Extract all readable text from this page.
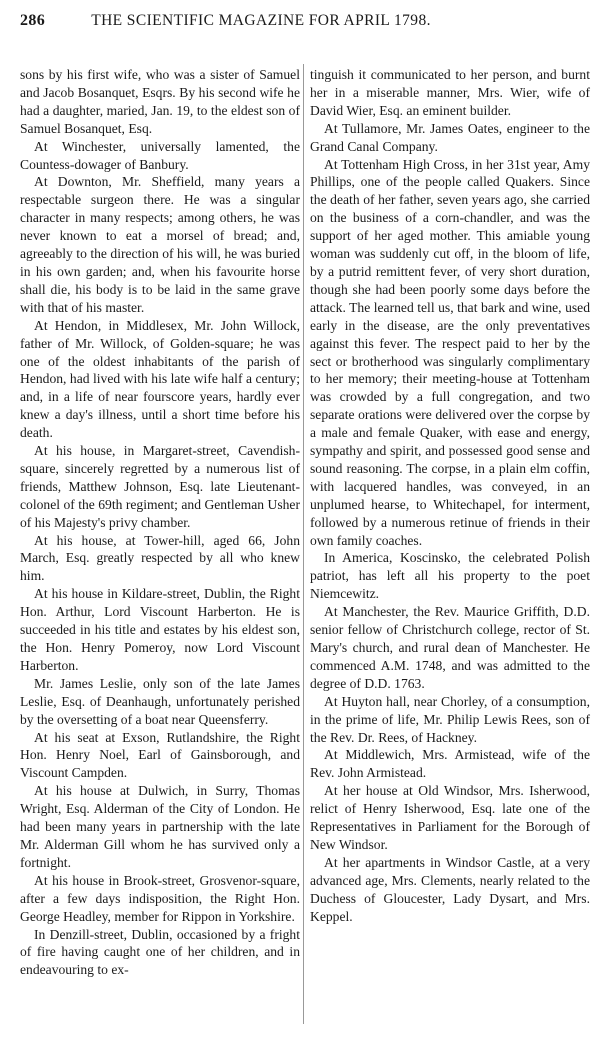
286	THE SCIENTIFIC MAGAZINE FOR APRIL 1798.

sons by his first wife, who was a sister of Samuel and Jacob Bosanquet, Esqrs. By his second wife he had a daughter, maried, Jan. 19, to the eldest son of Samuel Bosanquet, Esq.

At Winchester, universally lamented, the Countess-dowager of Banbury.

At Downton, Mr. Sheffield, many years a respectable surgeon there. He was a singular character in many respects; among others, he was never known to eat a morsel of bread; and, agreeably to the direction of his will, he was buried in his own garden; and, when his favourite horse shall die, his body is to be laid in the same grave with that of his master.

At Hendon, in Middlesex, Mr. John Willock, father of Mr. Willock, of Golden-square; he was one of the oldest inhabitants of the parish of Hendon, had lived with his late wife half a century; and, in a life of near fourscore years, hardly ever knew a day's illness, until a short time before his death.

At his house, in Margaret-street, Cavendish-square, sincerely regretted by a numerous list of friends, Matthew Johnson, Esq. late Lieutenant-colonel of the 69th regiment; and Gentleman Usher of his Majesty's privy chamber.

At his house, at Tower-hill, aged 66, John March, Esq. greatly respected by all who knew him.

At his house in Kildare-street, Dublin, the Right Hon. Arthur, Lord Viscount Harberton. He is succeeded in his title and estates by his eldest son, the Hon. Henry Pomeroy, now Lord Viscount Harberton.

Mr. James Leslie, only son of the late James Leslie, Esq. of Deanhaugh, unfortunately perished by the oversetting of a boat near Queensferry.

At his seat at Exson, Rutlandshire, the Right Hon. Henry Noel, Earl of Gainsborough, and Viscount Campden.

At his house at Dulwich, in Surry, Thomas Wright, Esq. Alderman of the City of London. He had been many years in partnership with the late Mr. Alderman Gill whom he has survived only a fortnight.

At his house in Brook-street, Grosvenor-square, after a few days indisposition, the Right Hon. George Headley, member for Rippon in Yorkshire.

In Denzill-street, Dublin, occasioned by a fright of fire having caught one of her children, and in endeavouring to ex-

tinguish it communicated to her person, and burnt her in a miserable manner, Mrs. Wier, wife of David Wier, Esq. an eminent builder.

At Tullamore, Mr. James Oates, engineer to the Grand Canal Company.

At Tottenham High Cross, in her 31st year, Amy Phillips, one of the people called Quakers. Since the death of her father, seven years ago, she carried on the business of a corn-chandler, and was the support of her aged mother. This amiable young woman was suddenly cut off, in the bloom of life, by a putrid remittent fever, of very short duration, though she had been poorly some days before the attack. The learned tell us, that bark and wine, used early in the disease, are the only preventatives against this fever. The respect paid to her by the sect or brotherhood was singularly complimentary to her memory; their meeting-house at Tottenham was crowded by a full congregation, and two separate orations were delivered over the corpse by a male and female Quaker, with ease and energy, sympathy and spirit, and possessed good sense and sound reasoning. The corpse, in a plain elm coffin, with lacquered handles, was conveyed, in an unplumed hearse, to Whitechapel, for interment, followed by a numerous retinue of friends in their own family coaches.

In America, Koscinsko, the celebrated Polish patriot, has left all his property to the poet Niemcewitz.

At Manchester, the Rev. Maurice Griffith, D.D. senior fellow of Christchurch college, rector of St. Mary's church, and rural dean of Manchester. He commenced A.M. 1748, and was admitted to the degree of D.D. 1763.

At Huyton hall, near Chorley, of a consumption, in the prime of life, Mr. Philip Lewis Rees, son of the Rev. Dr. Rees, of Hackney.

At Middlewich, Mrs. Armistead, wife of the Rev. John Armistead.

At her house at Old Windsor, Mrs. Isherwood, relict of Henry Isherwood, Esq. late one of the Representatives in Parliament for the Borough of New Windsor.

At her apartments in Windsor Castle, at a very advanced age, Mrs. Clements, nearly related to the Duchess of Gloucester, Lady Dysart, and Mrs. Keppel.
